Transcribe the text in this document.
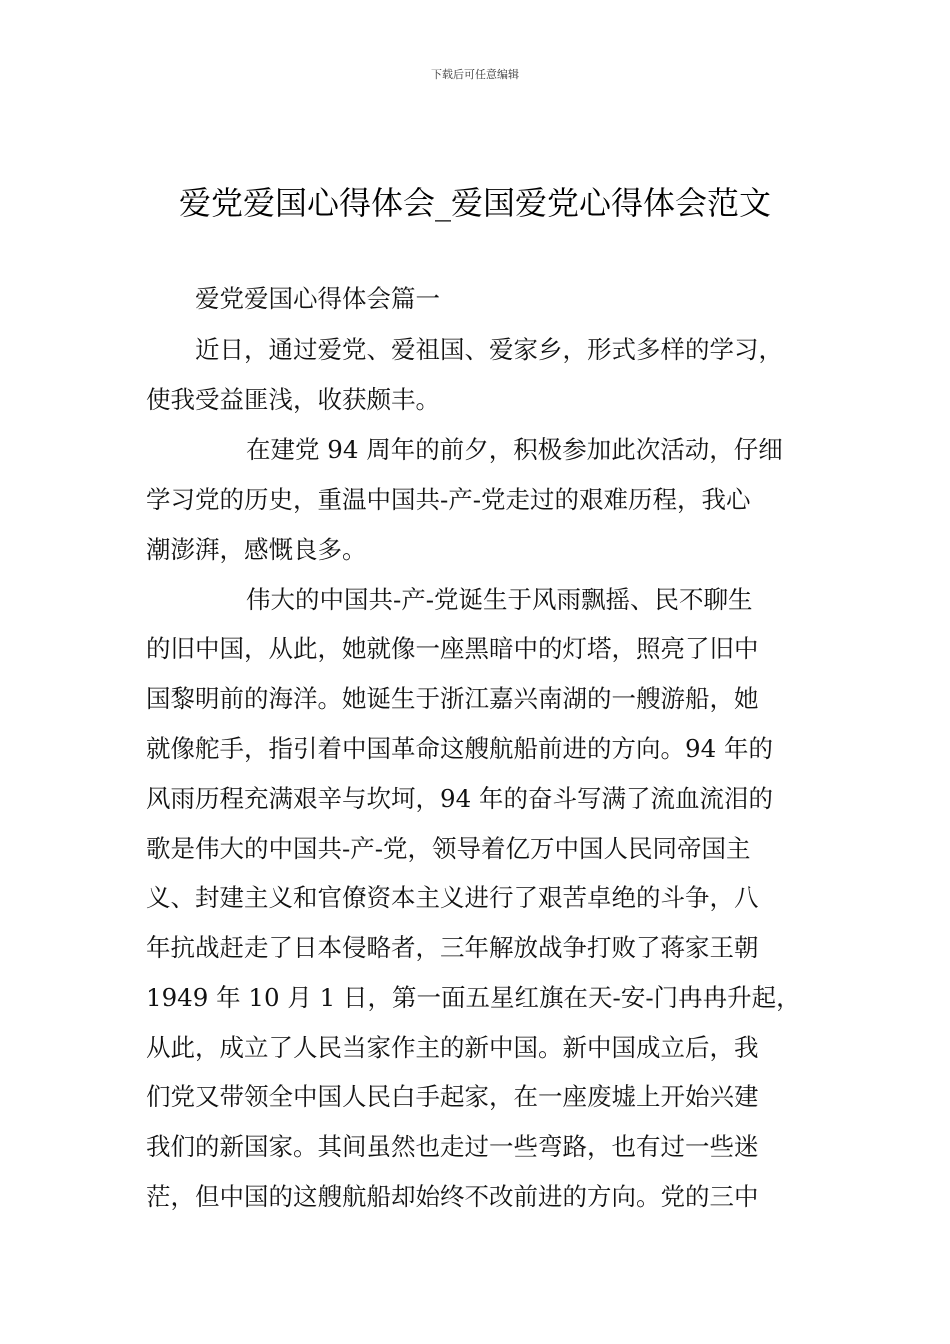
下载后可任意编辑
爱党爱国心得体会_爱国爱党心得体会范文
爱党爱国心得体会篇一
近日，通过爱党、爱祖国、爱家乡，形式多样的学习，
使我受益匪浅，收获颇丰。
在建党 94 周年的前夕，积极参加此次活动，仔细
学习党的历史，重温中国共-产-党走过的艰难历程，我心
潮澎湃，感慨良多。
伟大的中国共-产-党诞生于风雨飘摇、民不聊生
的旧中国，从此，她就像一座黑暗中的灯塔，照亮了旧中
国黎明前的海洋。她诞生于浙江嘉兴南湖的一艘游船，她
就像舵手，指引着中国革命这艘航船前进的方向。94 年的
风雨历程充满艰辛与坎坷，94 年的奋斗写满了流血流泪的
歌是伟大的中国共-产-党，领导着亿万中国人民同帝国主
义、封建主义和官僚资本主义进行了艰苦卓绝的斗争，八
年抗战赶走了日本侵略者，三年解放战争打败了蒋家王朝
1949 年 10 月 1 日，第一面五星红旗在天-安-门冉冉升起，
从此，成立了人民当家作主的新中国。新中国成立后，我
们党又带领全中国人民白手起家，在一座废墟上开始兴建
我们的新国家。其间虽然也走过一些弯路，也有过一些迷
茫，但中国的这艘航船却始终不改前进的方向。党的三中
